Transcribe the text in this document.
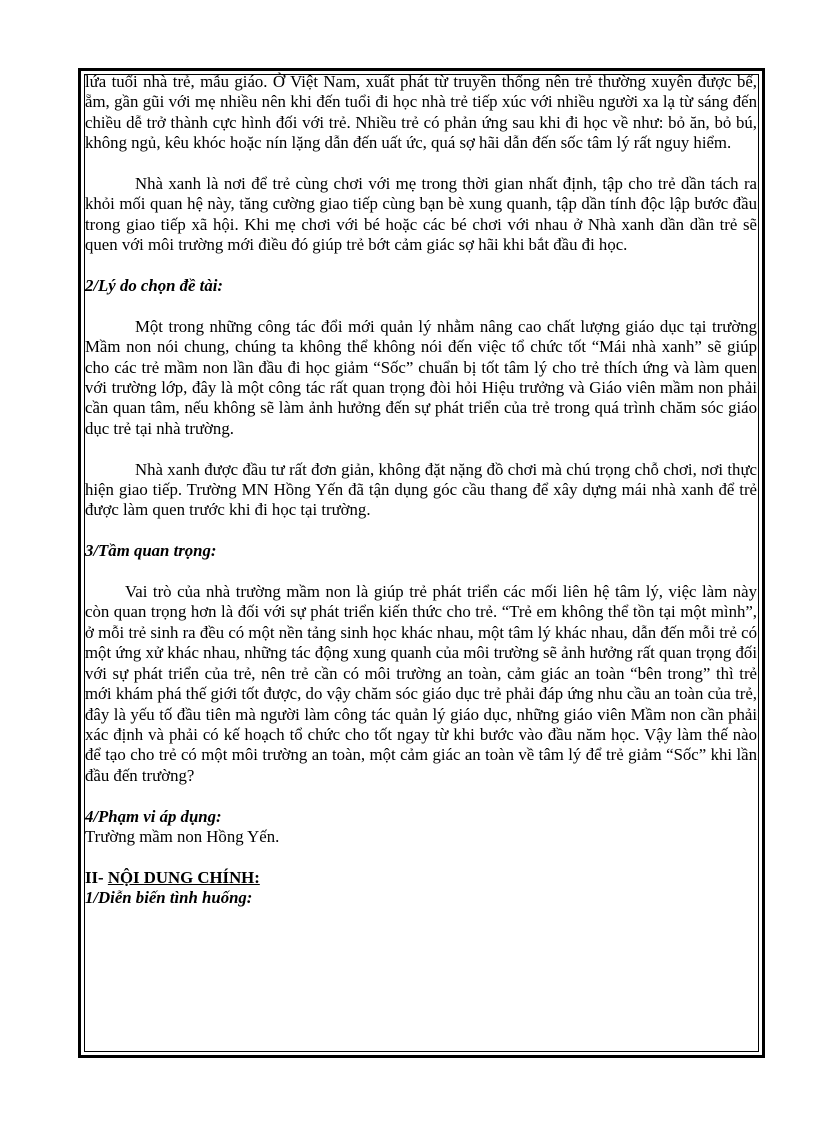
lứa tuổi nhà trẻ, mẫu giáo. Ở Việt Nam, xuất phát từ truyền thống nên trẻ thường xuyên được bế, ẵm, gần gũi với mẹ nhiều nên khi đến tuổi đi học nhà trẻ tiếp xúc với nhiều người xa lạ từ sáng đến chiều dễ trở thành cực hình đối với trẻ. Nhiều trẻ có phản ứng sau khi đi học về như: bỏ ăn, bỏ bú, không ngủ, kêu khóc hoặc nín lặng dẫn đến uất ức, quá sợ hãi dẫn đến sốc tâm lý rất nguy hiểm.

Nhà xanh là nơi để trẻ cùng chơi với mẹ trong thời gian nhất định, tập cho trẻ dần tách ra khỏi mối quan hệ này, tăng cường giao tiếp cùng bạn bè xung quanh, tập dần tính độc lập bước đầu trong giao tiếp xã hội. Khi mẹ chơi với bé hoặc các bé chơi với nhau ở Nhà xanh dần dần trẻ sẽ quen với môi trường mới điều đó giúp trẻ bớt cảm giác sợ hãi khi bắt đầu đi học.

2/Lý do chọn đề tài:

Một trong những công tác đổi mới quản lý nhằm nâng cao chất lượng giáo dục tại trường Mầm non nói chung, chúng ta không thể không nói đến việc tổ chức tốt “Mái nhà xanh” sẽ giúp cho các trẻ mầm non lần đầu đi học giảm “Sốc” chuẩn bị tốt tâm lý cho trẻ thích ứng và làm quen với trường lớp, đây là một công tác rất quan trọng đòi hỏi Hiệu trưởng và Giáo viên mầm non phải cần quan tâm, nếu không sẽ làm ảnh hưởng đến sự phát triển của trẻ trong quá trình chăm sóc giáo dục trẻ tại nhà trường.

Nhà xanh được đầu tư rất đơn giản, không đặt nặng đồ chơi mà chú trọng chỗ chơi, nơi thực hiện giao tiếp. Trường MN Hồng Yến đã tận dụng góc cầu thang để xây dựng mái nhà xanh để trẻ được làm quen trước khi đi học tại trường.

3/Tầm quan trọng:

Vai trò của nhà trường mầm non là giúp trẻ phát triển các mối liên hệ tâm lý, việc làm này còn quan trọng hơn là đối với sự phát triển kiến thức cho trẻ. “Trẻ em không thể tồn tại một mình”, ở mỗi trẻ sinh ra đều có một nền tảng sinh học khác nhau, một tâm lý khác nhau, dẫn đến mỗi trẻ có một ứng xử khác nhau, những tác động xung quanh của môi trường sẽ ảnh hưởng rất quan trọng đối với sự phát triển của trẻ, nên trẻ cần có môi trường an toàn, cảm giác an toàn “bên trong” thì trẻ mới khám phá thế giới tốt được, do vậy chăm sóc giáo dục trẻ phải đáp ứng nhu cầu an toàn của trẻ, đây là yếu tố đầu tiên mà người làm công tác quản lý giáo dục, những giáo viên Mầm non cần phải xác định và phải có kế hoạch tổ chức cho tốt ngay từ khi bước vào đầu năm học. Vậy làm thế nào để tạo cho trẻ có một môi trường an toàn, một cảm giác an toàn về tâm lý để trẻ giảm “Sốc” khi lần đầu đến trường?

4/Phạm vi áp dụng:

Trường mầm non Hồng Yến.

II- NỘI DUNG CHÍNH:

1/Diễn biến tình huống:
